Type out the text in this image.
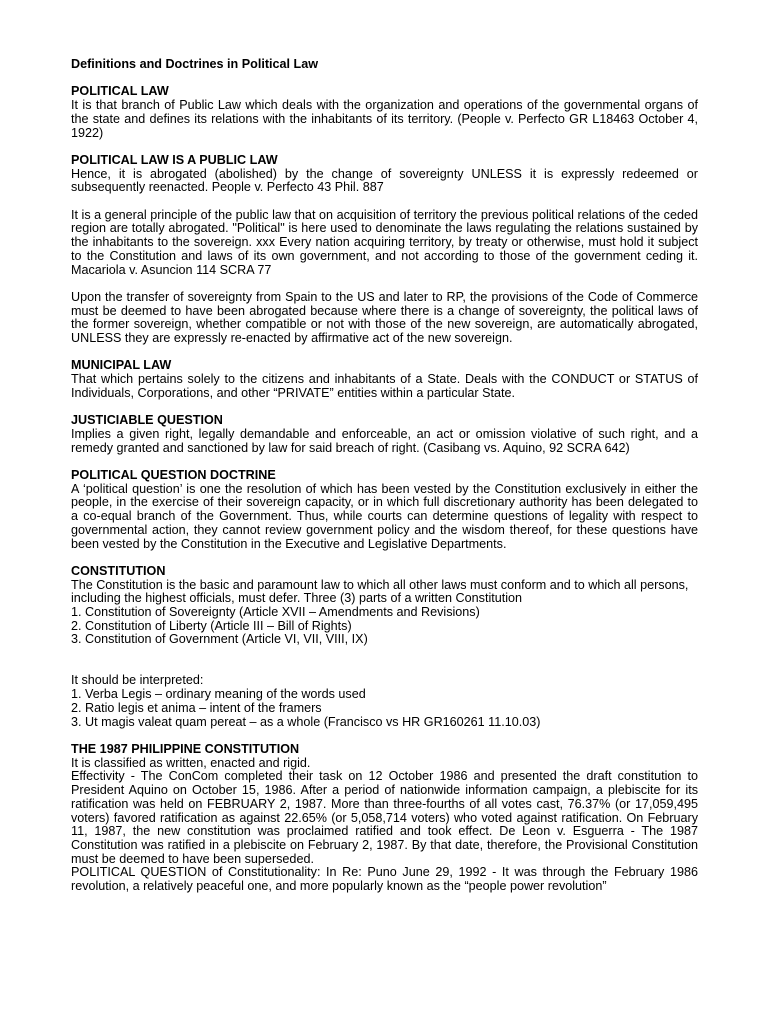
Definitions and Doctrines in Political Law
POLITICAL LAW
It is that branch of Public Law which deals with the organization and operations of the governmental organs of the state and defines its relations with the inhabitants of its territory. (People v. Perfecto GR L18463 October 4, 1922)
POLITICAL LAW IS A PUBLIC LAW
Hence, it is abrogated (abolished) by the change of sovereignty UNLESS it is expressly redeemed or subsequently reenacted. People v. Perfecto 43 Phil. 887
It is a general principle of the public law that on acquisition of territory the previous political relations of the ceded region are totally abrogated. "Political" is here used to denominate the laws regulating the relations sustained by the inhabitants to the sovereign. xxx Every nation acquiring territory, by treaty or otherwise, must hold it subject to the Constitution and laws of its own government, and not according to those of the government ceding it. Macariola v. Asuncion 114 SCRA 77
Upon the transfer of sovereignty from Spain to the US and later to RP, the provisions of the Code of Commerce must be deemed to have been abrogated because where there is a change of sovereignty, the political laws of the former sovereign, whether compatible or not with those of the new sovereign, are automatically abrogated, UNLESS they are expressly re-enacted by affirmative act of the new sovereign.
MUNICIPAL LAW
That which pertains solely to the citizens and inhabitants of a State. Deals with the CONDUCT or STATUS of Individuals, Corporations, and other “PRIVATE” entities within a particular State.
JUSTICIABLE QUESTION
Implies a given right, legally demandable and enforceable, an act or omission violative of such right, and a remedy granted and sanctioned by law for said breach of right. (Casibang vs. Aquino, 92 SCRA 642)
POLITICAL QUESTION DOCTRINE
A ‘political question’ is one the resolution of which has been vested by the Constitution exclusively in either the people, in the exercise of their sovereign capacity, or in which full discretionary authority has been delegated to a co-equal branch of the Government. Thus, while courts can determine questions of legality with respect to governmental action, they cannot review government policy and the wisdom thereof, for these questions have been vested by the Constitution in the Executive and Legislative Departments.
CONSTITUTION
The Constitution is the basic and paramount law to which all other laws must conform and to which all persons, including the highest officials, must defer. Three (3) parts of a written Constitution
1. Constitution of Sovereignty (Article XVII – Amendments and Revisions)
2. Constitution of Liberty (Article III – Bill of Rights)
3. Constitution of Government (Article VI, VII, VIII, IX)
It should be interpreted:
1. Verba Legis – ordinary meaning of the words used
2. Ratio legis et anima – intent of the framers
3. Ut magis valeat quam pereat – as a whole (Francisco vs HR GR160261 11.10.03)
THE 1987 PHILIPPINE CONSTITUTION
It is classified as written, enacted and rigid.
Effectivity - The ConCom completed their task on 12 October 1986 and presented the draft constitution to President Aquino on October 15, 1986. After a period of nationwide information campaign, a plebiscite for its ratification was held on FEBRUARY 2, 1987. More than three-fourths of all votes cast, 76.37% (or 17,059,495 voters) favored ratification as against 22.65% (or 5,058,714 voters) who voted against ratification. On February 11, 1987, the new constitution was proclaimed ratified and took effect. De Leon v. Esguerra - The 1987 Constitution was ratified in a plebiscite on February 2, 1987. By that date, therefore, the Provisional Constitution must be deemed to have been superseded.
POLITICAL QUESTION of Constitutionality: In Re: Puno June 29, 1992 - It was through the February 1986 revolution, a relatively peaceful one, and more popularly known as the “people power revolution”
